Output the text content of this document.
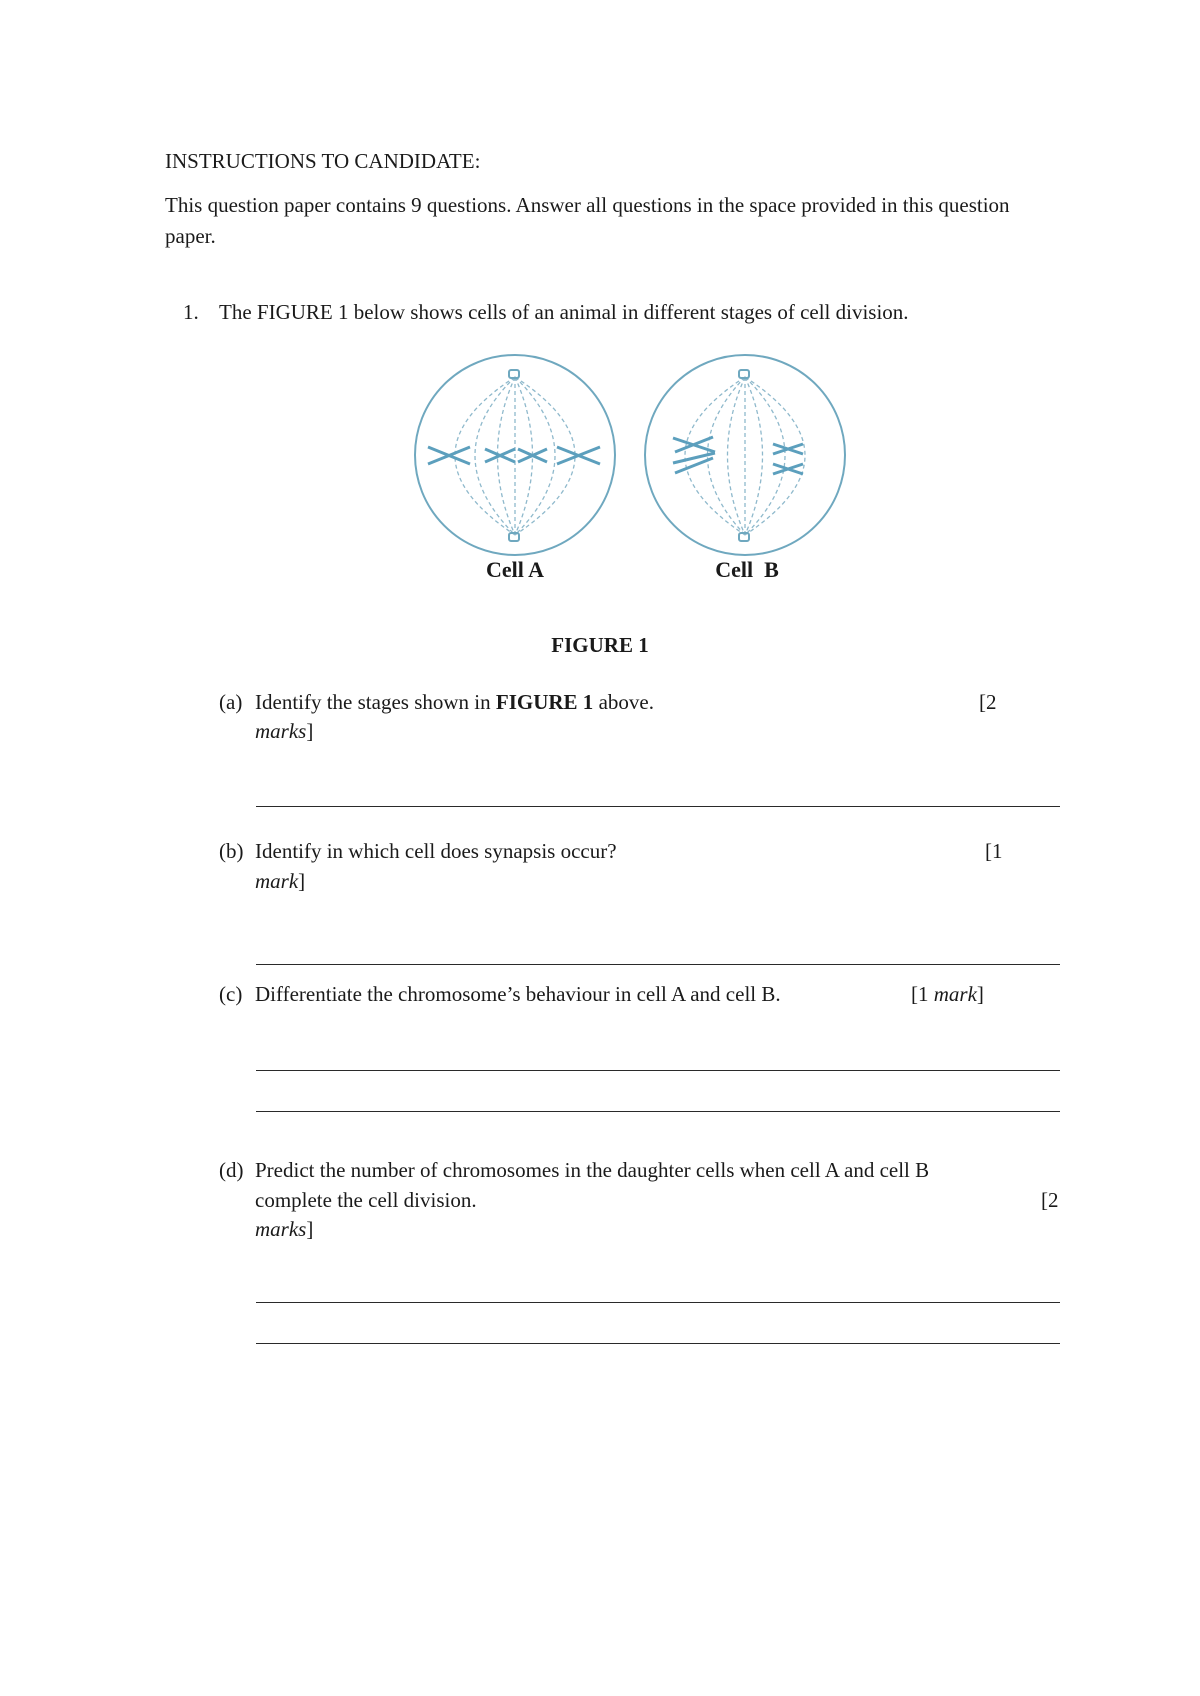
INSTRUCTIONS TO CANDIDATE:
This question paper contains 9 questions. Answer all questions in the space provided in this question paper.
1. The FIGURE 1 below shows cells of an animal in different stages of cell division.
Cell A	Cell  B
FIGURE 1
(a) Identify the stages shown in FIGURE 1 above.	[2
marks]
(b) Identify in which cell does synapsis occur?	[1
mark]
(c) Differentiate the chromosome’s behaviour in cell A and cell B.	[1 mark]
(d) Predict the number of chromosomes in the daughter cells when cell A and cell B
complete the cell division.	[2
marks]
